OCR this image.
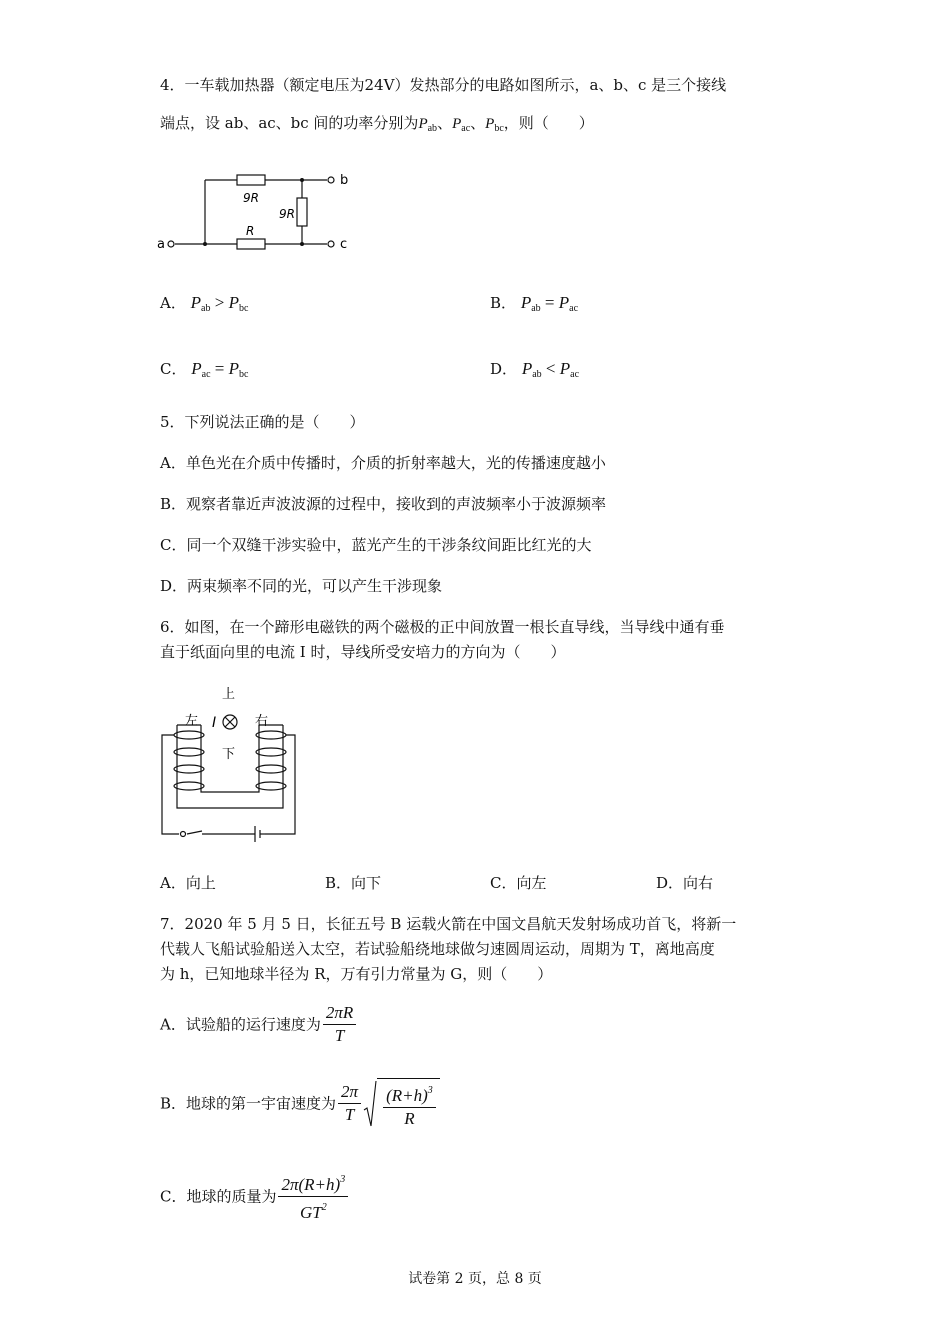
4．一车载加热器（额定电压为24V）发热部分的电路如图所示，a、b、c 是三个接线
端点，设 ab、ac、bc 间的功率分别为$P_{ab}$、$P_{ac}$、$P_{bc}$，则（　　）
b
c
a
9R
9R
R
A． $P_{ab} > P_{bc}$	B． $P_{ab} = P_{ac}$
C． $P_{ac} = P_{bc}$	D． $P_{ab} < P_{ac}$
5．下列说法正确的是（　　）
A．单色光在介质中传播时，介质的折射率越大，光的传播速度越小
B．观察者靠近声波波源的过程中，接收到的声波频率小于波源频率
C．同一个双缝干涉实验中，蓝光产生的干涉条纹间距比红光的大
D．两束频率不同的光，可以产生干涉现象
6．如图，在一个蹄形电磁铁的两个磁极的正中间放置一根长直导线，当导线中通有垂
直于纸面向里的电流 I 时，导线所受安培力的方向为（　　）
上
下
左	右
I
A．向上	B．向下	C．向左	D．向右
7．2020 年 5 月 5 日，长征五号 B 运载火箭在中国文昌航天发射场成功首飞，将新一
代载人飞船试验船送入太空，若试验船绕地球做匀速圆周运动，周期为 T，离地高度
为 h，已知地球半径为 R，万有引力常量为 G，则（　　）
A．试验船的运行速度为 $\frac{2\pi R}{T}$
B．地球的第一宇宙速度为 $\frac{2\pi}{T} \frac{(R+h)^3}{R}$
C．地球的质量为 $\frac{2\pi(R+h)^3}{GT^2}$
试卷第 2 页，总 8 页
